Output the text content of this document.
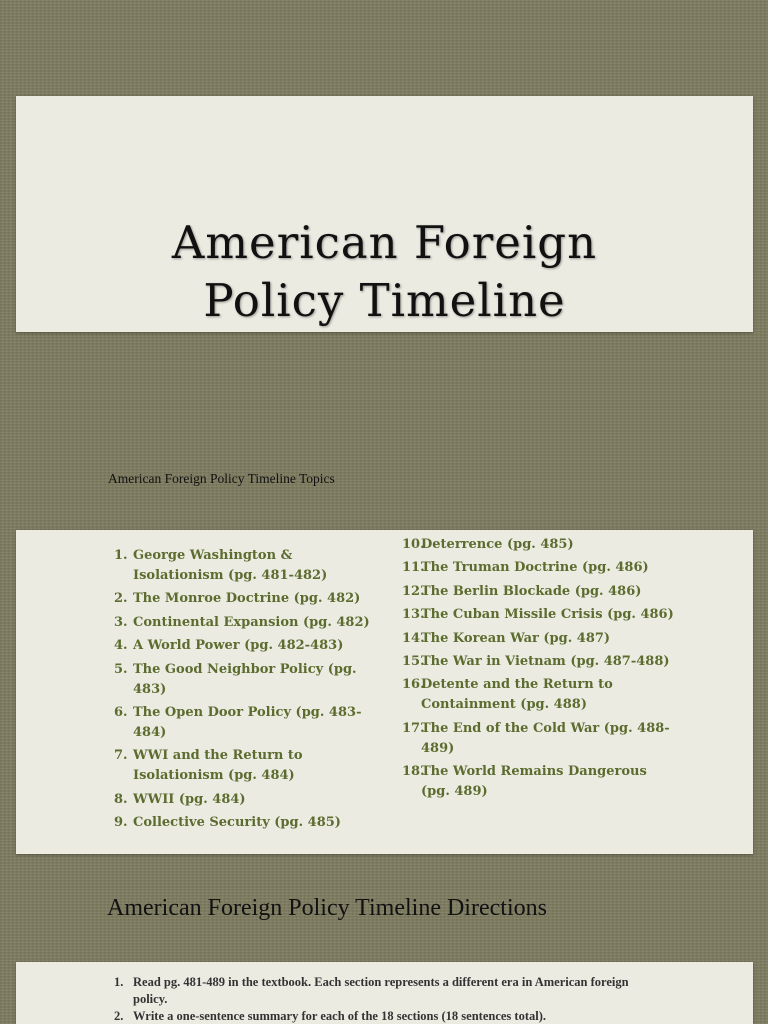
American Foreign
Policy Timeline
American Foreign Policy Timeline Topics
1. George Washington & Isolationism (pg. 481-482)
2. The Monroe Doctrine (pg. 482)
3. Continental Expansion (pg. 482)
4. A World Power (pg. 482-483)
5. The Good Neighbor Policy (pg. 483)
6. The Open Door Policy (pg. 483-484)
7. WWI and the Return to Isolationism (pg. 484)
8. WWII (pg. 484)
9. Collective Security (pg. 485)
10.
Deterrence (pg. 485)
11.
The Truman Doctrine (pg. 486)
12.
The Berlin Blockade (pg. 486)
13.
The Cuban Missile Crisis (pg. 486)
14.
The Korean War (pg. 487)
15.
The War in Vietnam (pg. 487-488)
16.
Detente and the Return to Containment (pg. 488)
17.
The End of the Cold War (pg. 488-489)
18.
The World Remains Dangerous (pg. 489)
American Foreign Policy Timeline Directions
1. Read pg. 481-489 in the textbook. Each section represents a different era in American foreign policy.
2. Write a one-sentence summary for each of the 18 sections (18 sentences total).
